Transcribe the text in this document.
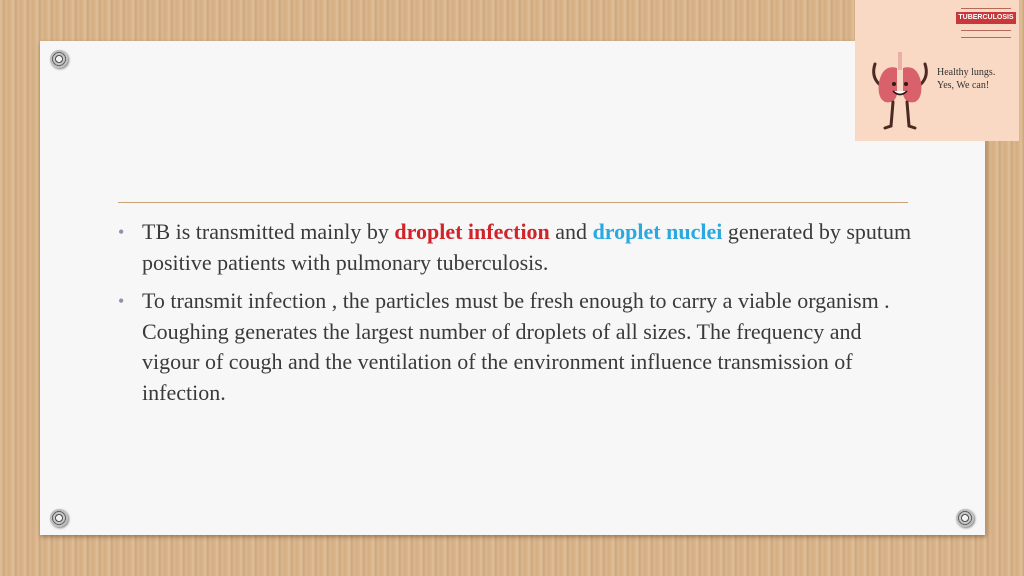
• TB is transmitted mainly by droplet infection and droplet nuclei generated by sputum positive patients with pulmonary tuberculosis.
• To transmit infection , the particles must be fresh enough to carry a viable organism . Coughing generates the largest number of droplets of all sizes. The frequency and vigour of cough and the ventilation of the environment influence transmission of infection.
TUBERCULOSIS
Healthy lungs.
Yes, We can!
